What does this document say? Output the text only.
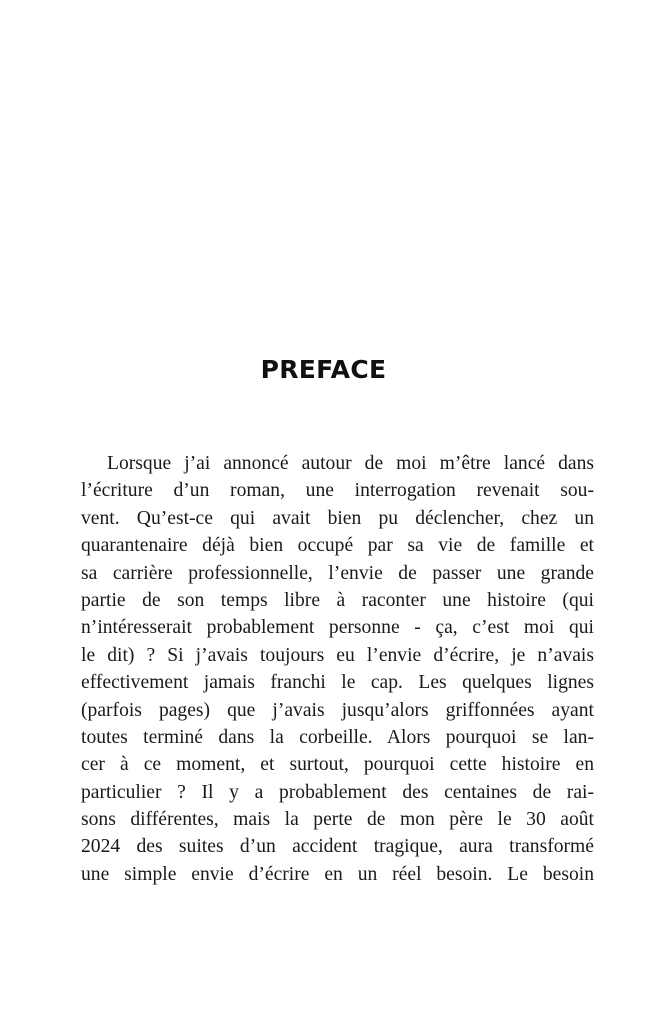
PREFACE
Lorsque j’ai annoncé autour de moi m’être lancé dans
l’écriture d’un roman, une interrogation revenait sou-
vent. Qu’est-ce qui avait bien pu déclencher, chez un
quarantenaire déjà bien occupé par sa vie de famille et
sa carrière professionnelle, l’envie de passer une grande
partie de son temps libre à raconter une histoire (qui
n’intéresserait probablement personne - ça, c’est moi qui
le dit) ? Si j’avais toujours eu l’envie d’écrire, je n’avais
effectivement jamais franchi le cap. Les quelques lignes
(parfois pages) que j’avais jusqu’alors griffonnées ayant
toutes terminé dans la corbeille. Alors pourquoi se lan-
cer à ce moment, et surtout, pourquoi cette histoire en
particulier ? Il y a probablement des centaines de rai-
sons différentes, mais la perte de mon père le 30 août
2024 des suites d’un accident tragique, aura transformé
une simple envie d’écrire en un réel besoin. Le besoin
